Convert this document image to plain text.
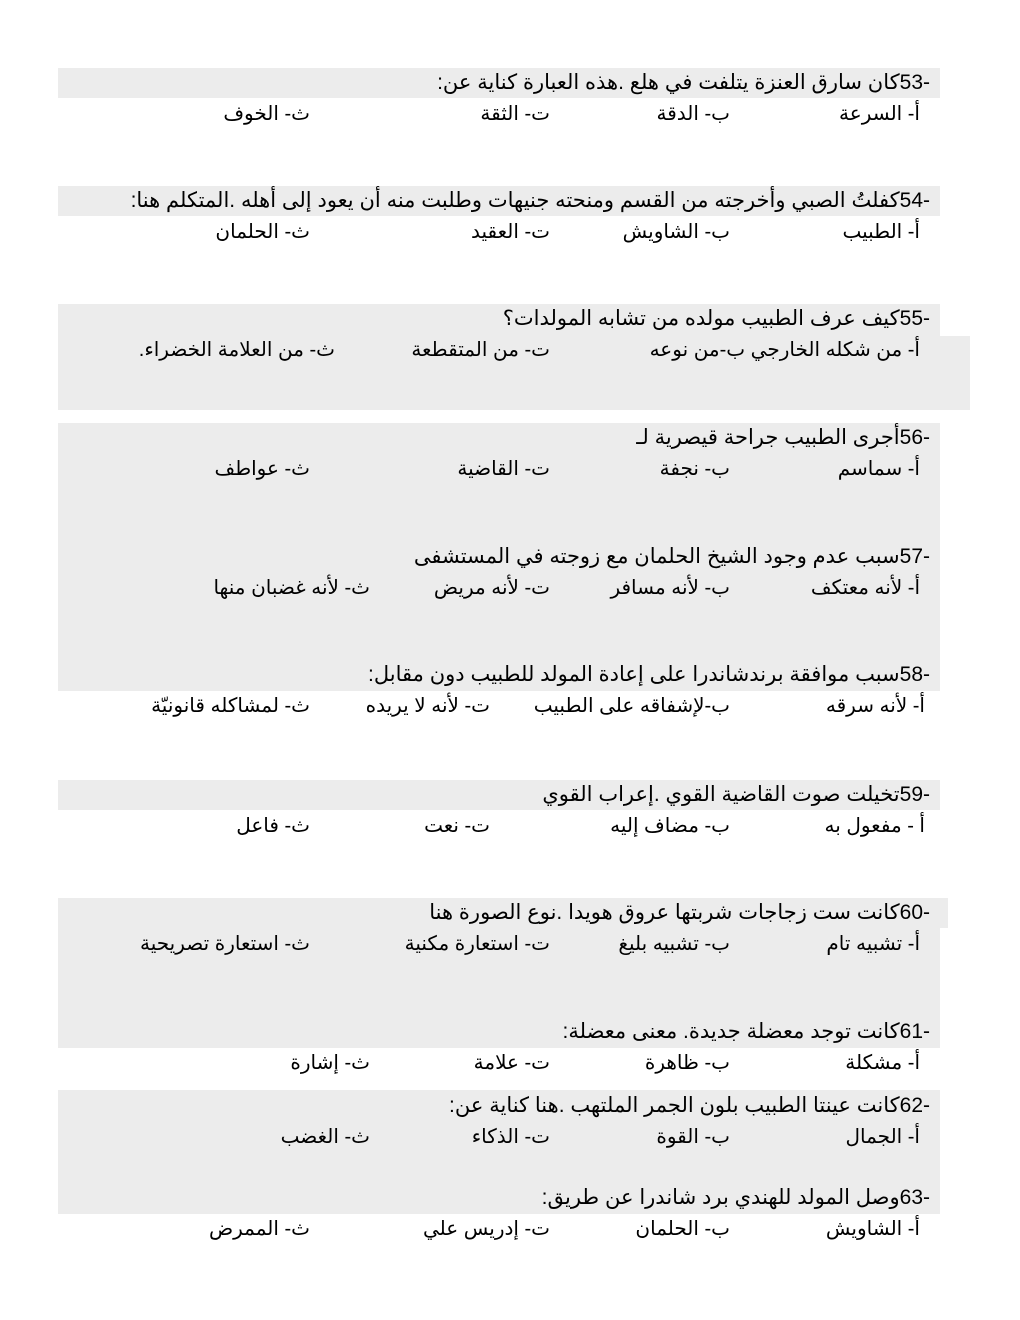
كان سارق العنزة يتلفت في هلع .هذه العبارة كناية عن:53-
أ- السرعة
ب- الدقة
ت- الثقة
ث- الخوف
كفلتُ الصبي وأخرجته من القسم ومنحته جنيهات وطلبت منه أن يعود إلى أهله .المتكلم هنا:54-
أ- الطبيب
ب- الشاويش
ت- العقيد
ث- الحلمان
كيف عرف الطبيب مولده من تشابه المولدات؟55-
أ- من شكله الخارجي ب-من نوعه
ت- من المتقطعة
ث- من العلامة الخضراء.
أجرى الطبيب جراحة قيصرية لـ56-
أ- سماسم
ب- نجفة
ت- القاضية
ث- عواطف
سبب عدم وجود الشيخ الحلمان مع زوجته في المستشفى57-
أ- لأنه معتكف
ب- لأنه مسافر
ت- لأنه مريض
ث- لأنه غضبان منها
سبب موافقة برندشاندرا على إعادة المولد للطبيب دون مقابل:58-
أ- لأنه سرقه
ب-لإشفاقه على الطبيب
ت- لأنه لا يريده
ث- لمشاكله قانونيّة
تخيلت صوت القاضية القوي .إعراب القوي59-
أ - مفعول به
ب- مضاف إليه
ت- نعت
ث- فاعل
كانت ست زجاجات شربتها عروق هويدا .نوع الصورة هنا60-
أ- تشبيه تام
ب- تشبيه بليغ
ت- استعارة مكنية
ث- استعارة تصريحية
كانت توجد معضلة جديدة. معنى معضلة:61-
أ- مشكلة
ب- ظاهرة
ت- علامة
ث- إشارة
كانت عينتا الطبيب بلون الجمر الملتهب .هنا كناية عن:62-
أ- الجمال
ب- القوة
ت- الذكاء
ث- الغضب
وصل المولد للهندي برد شاندرا عن طريق:63-
أ- الشاويش
ب- الحلمان
ت- إدريس علي
ث- الممرض
